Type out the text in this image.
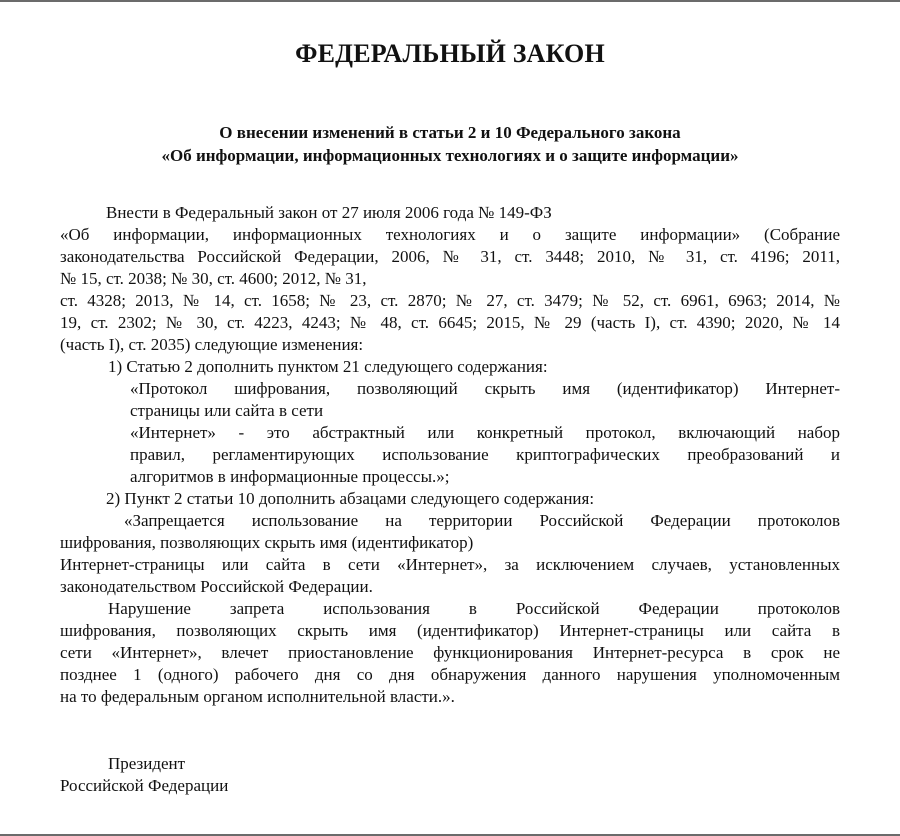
ФЕДЕРАЛЬНЫЙ ЗАКОН
О внесении изменений в статьи 2 и 10 Федерального закона
«Об информации, информационных технологиях и о защите информации»
Внести в Федеральный закон от 27 июля 2006 года № 149-ФЗ
«Об информации, информационных технологиях и о защите информации» (Собрание
законодательства Российской Федерации, 2006, № 31, ст. 3448; 2010, № 31, ст. 4196; 2011,
№ 15, ст. 2038; № 30, ст. 4600; 2012, № 31,
ст. 4328; 2013, № 14, ст. 1658; № 23, ст. 2870; № 27, ст. 3479; № 52, ст. 6961, 6963; 2014, №
19, ст. 2302; № 30, ст. 4223, 4243; № 48, ст. 6645; 2015, № 29 (часть I), ст. 4390; 2020, № 14
(часть I), ст. 2035) следующие изменения:
1) Статью 2 дополнить пунктом 21 следующего содержания:
«Протокол шифрования, позволяющий скрыть имя (идентификатор) Интернет-
страницы или сайта в сети
«Интернет» - это абстрактный или конкретный протокол, включающий набор
правил, регламентирующих использование криптографических преобразований и
алгоритмов в информационные процессы.»;
2) Пункт 2 статьи 10 дополнить абзацами следующего содержания:
«Запрещается использование на территории Российской Федерации протоколов
шифрования, позволяющих скрыть имя (идентификатор)
Интернет-страницы или сайта в сети «Интернет», за исключением случаев, установленных
законодательством Российской Федерации.
Нарушение запрета использования в Российской Федерации протоколов
шифрования, позволяющих скрыть имя (идентификатор) Интернет-страницы или сайта в
сети «Интернет», влечет приостановление функционирования Интернет-ресурса в срок не
позднее 1 (одного) рабочего дня со дня обнаружения данного нарушения уполномоченным
на то федеральным органом исполнительной власти.».
Президент
Российской Федерации
